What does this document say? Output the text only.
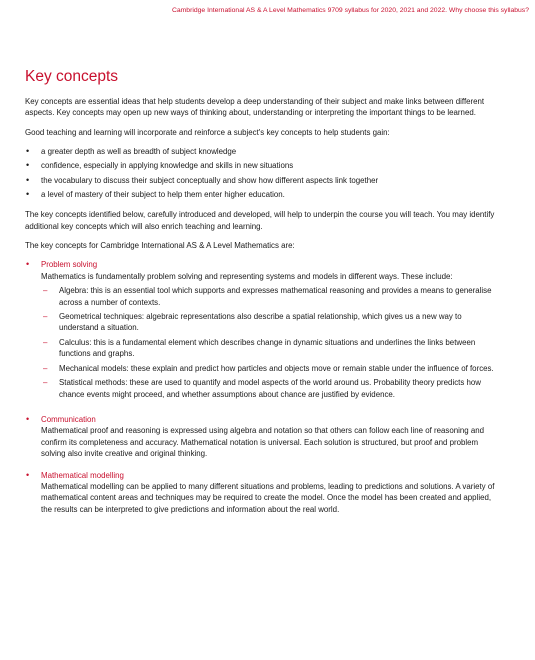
Cambridge International AS & A Level Mathematics 9709 syllabus for 2020, 2021 and 2022. Why choose this syllabus?
Key concepts

Key concepts are essential ideas that help students develop a deep understanding of their subject and make links between different aspects. Key concepts may open up new ways of thinking about, understanding or interpreting the important things to be learned.

Good teaching and learning will incorporate and reinforce a subject's key concepts to help students gain:

• a greater depth as well as breadth of subject knowledge
• confidence, especially in applying knowledge and skills in new situations
• the vocabulary to discuss their subject conceptually and show how different aspects link together
• a level of mastery of their subject to help them enter higher education.

The key concepts identified below, carefully introduced and developed, will help to underpin the course you will teach. You may identify additional key concepts which will also enrich teaching and learning.

The key concepts for Cambridge International AS & A Level Mathematics are:

• Problem solving
Mathematics is fundamentally problem solving and representing systems and models in different ways. These include:
– Algebra: this is an essential tool which supports and expresses mathematical reasoning and provides a means to generalise across a number of contexts.
– Geometrical techniques: algebraic representations also describe a spatial relationship, which gives us a new way to understand a situation.
– Calculus: this is a fundamental element which describes change in dynamic situations and underlines the links between functions and graphs.
– Mechanical models: these explain and predict how particles and objects move or remain stable under the influence of forces.
– Statistical methods: these are used to quantify and model aspects of the world around us. Probability theory predicts how chance events might proceed, and whether assumptions about chance are justified by evidence.
• Communication
Mathematical proof and reasoning is expressed using algebra and notation so that others can follow each line of reasoning and confirm its completeness and accuracy. Mathematical notation is universal. Each solution is structured, but proof and problem solving also invite creative and original thinking.
• Mathematical modelling
Mathematical modelling can be applied to many different situations and problems, leading to predictions and solutions. A variety of mathematical content areas and techniques may be required to create the model. Once the model has been created and applied, the results can be interpreted to give predictions and information about the real world.
